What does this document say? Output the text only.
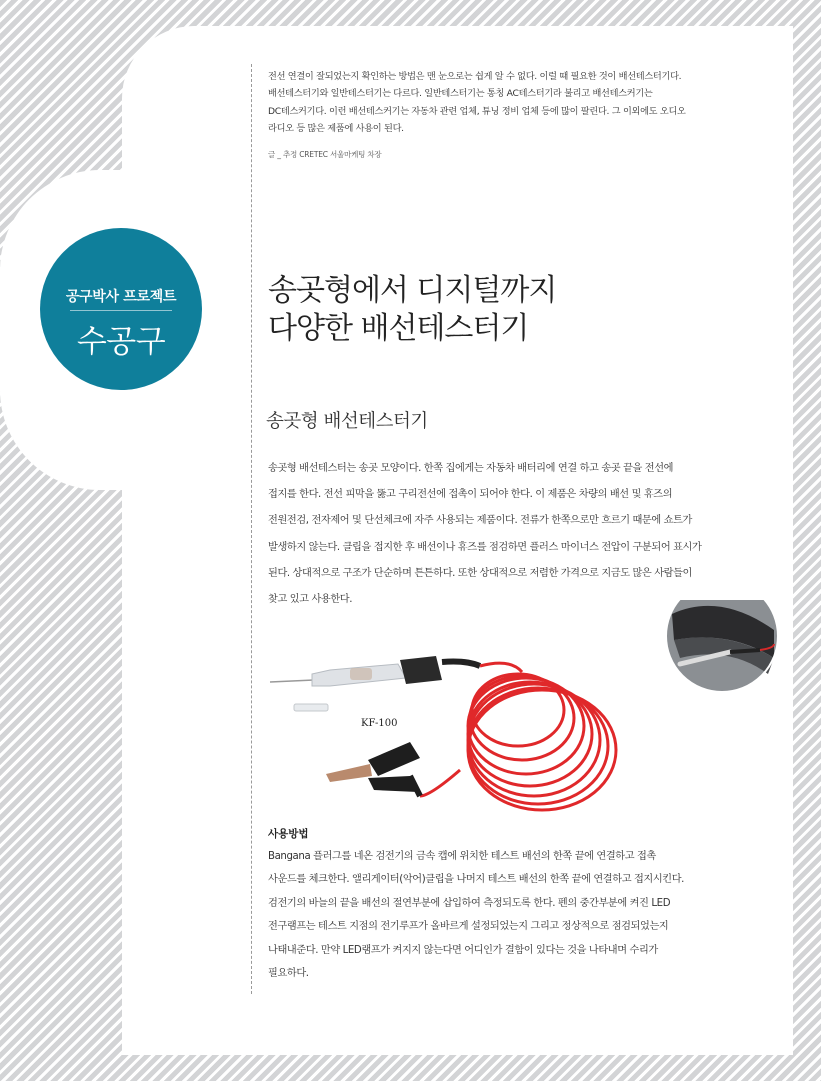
공구박사 프로젝트
수공구
전선 연결이 잘되었는지 확인하는 방법은 맨 눈으로는 쉽게 알 수 없다. 이럴 때 필요한 것이 배선테스터기다.
배선테스터기와 일반테스터기는 다르다. 일반테스터기는 통칭 AC테스터기라 불리고 배선테스커기는
DC테스커기다. 이런 배선테스커기는 자동차 관련 업체, 튜닝 정비 업체 등에 많이 팔린다. 그 이외에도 오디오
라디오 등 많은 제품에 사용이 된다.
글 _ 추정 CRETEC 서울마케팅 차장
송곳형에서 디지털까지
다양한 배선테스터기
송곳형 배선테스터기

송곳형 배선테스터는 송곳 모양이다. 한쪽 집에게는 자동차 배터리에 연결 하고 송곳 끝을 전선에

접지를 한다. 전선 피막을 뚫고 구리전선에 접촉이 되어야 한다. 이 제품은 차량의 배선 및 휴즈의

전원전검, 전자제어 및 단선체크에 자주 사용되는 제품이다. 전류가 한쪽으로만 흐르기 때문에 쇼트가

발생하지 않는다. 클립을 접지한 후 배선이나 휴즈를 점검하면 플러스 마이너스 전압이 구분되어 표시가

된다. 상대적으로 구조가 단순하며 튼튼하다. 또한 상대적으로 저렴한 가격으로 지금도 많은 사람들이

찾고 있고 사용한다.

KF-100
사용방법

Bangana 플러그를 네온 검전기의 금속 캡에 위치한 테스트 배선의 한쪽 끝에 연결하고 접촉

사운드를 체크한다. 앨리게이터(악어)클립을 나머지 테스트 배선의 한쪽 끝에 연결하고 접지시킨다.

검전기의 바늘의 끝을 배선의 절연부분에 삽입하여 측정되도록 한다. 펜의 중간부분에 켜진 LED

전구램프는 테스트 지점의 전기루프가 올바르게 설정되었는지 그리고 정상적으로 점검되었는지

나태내준다. 만약 LED램프가 켜지지 않는다면 어디인가 결함이 있다는 것을 나타내며 수리가

필요하다.
